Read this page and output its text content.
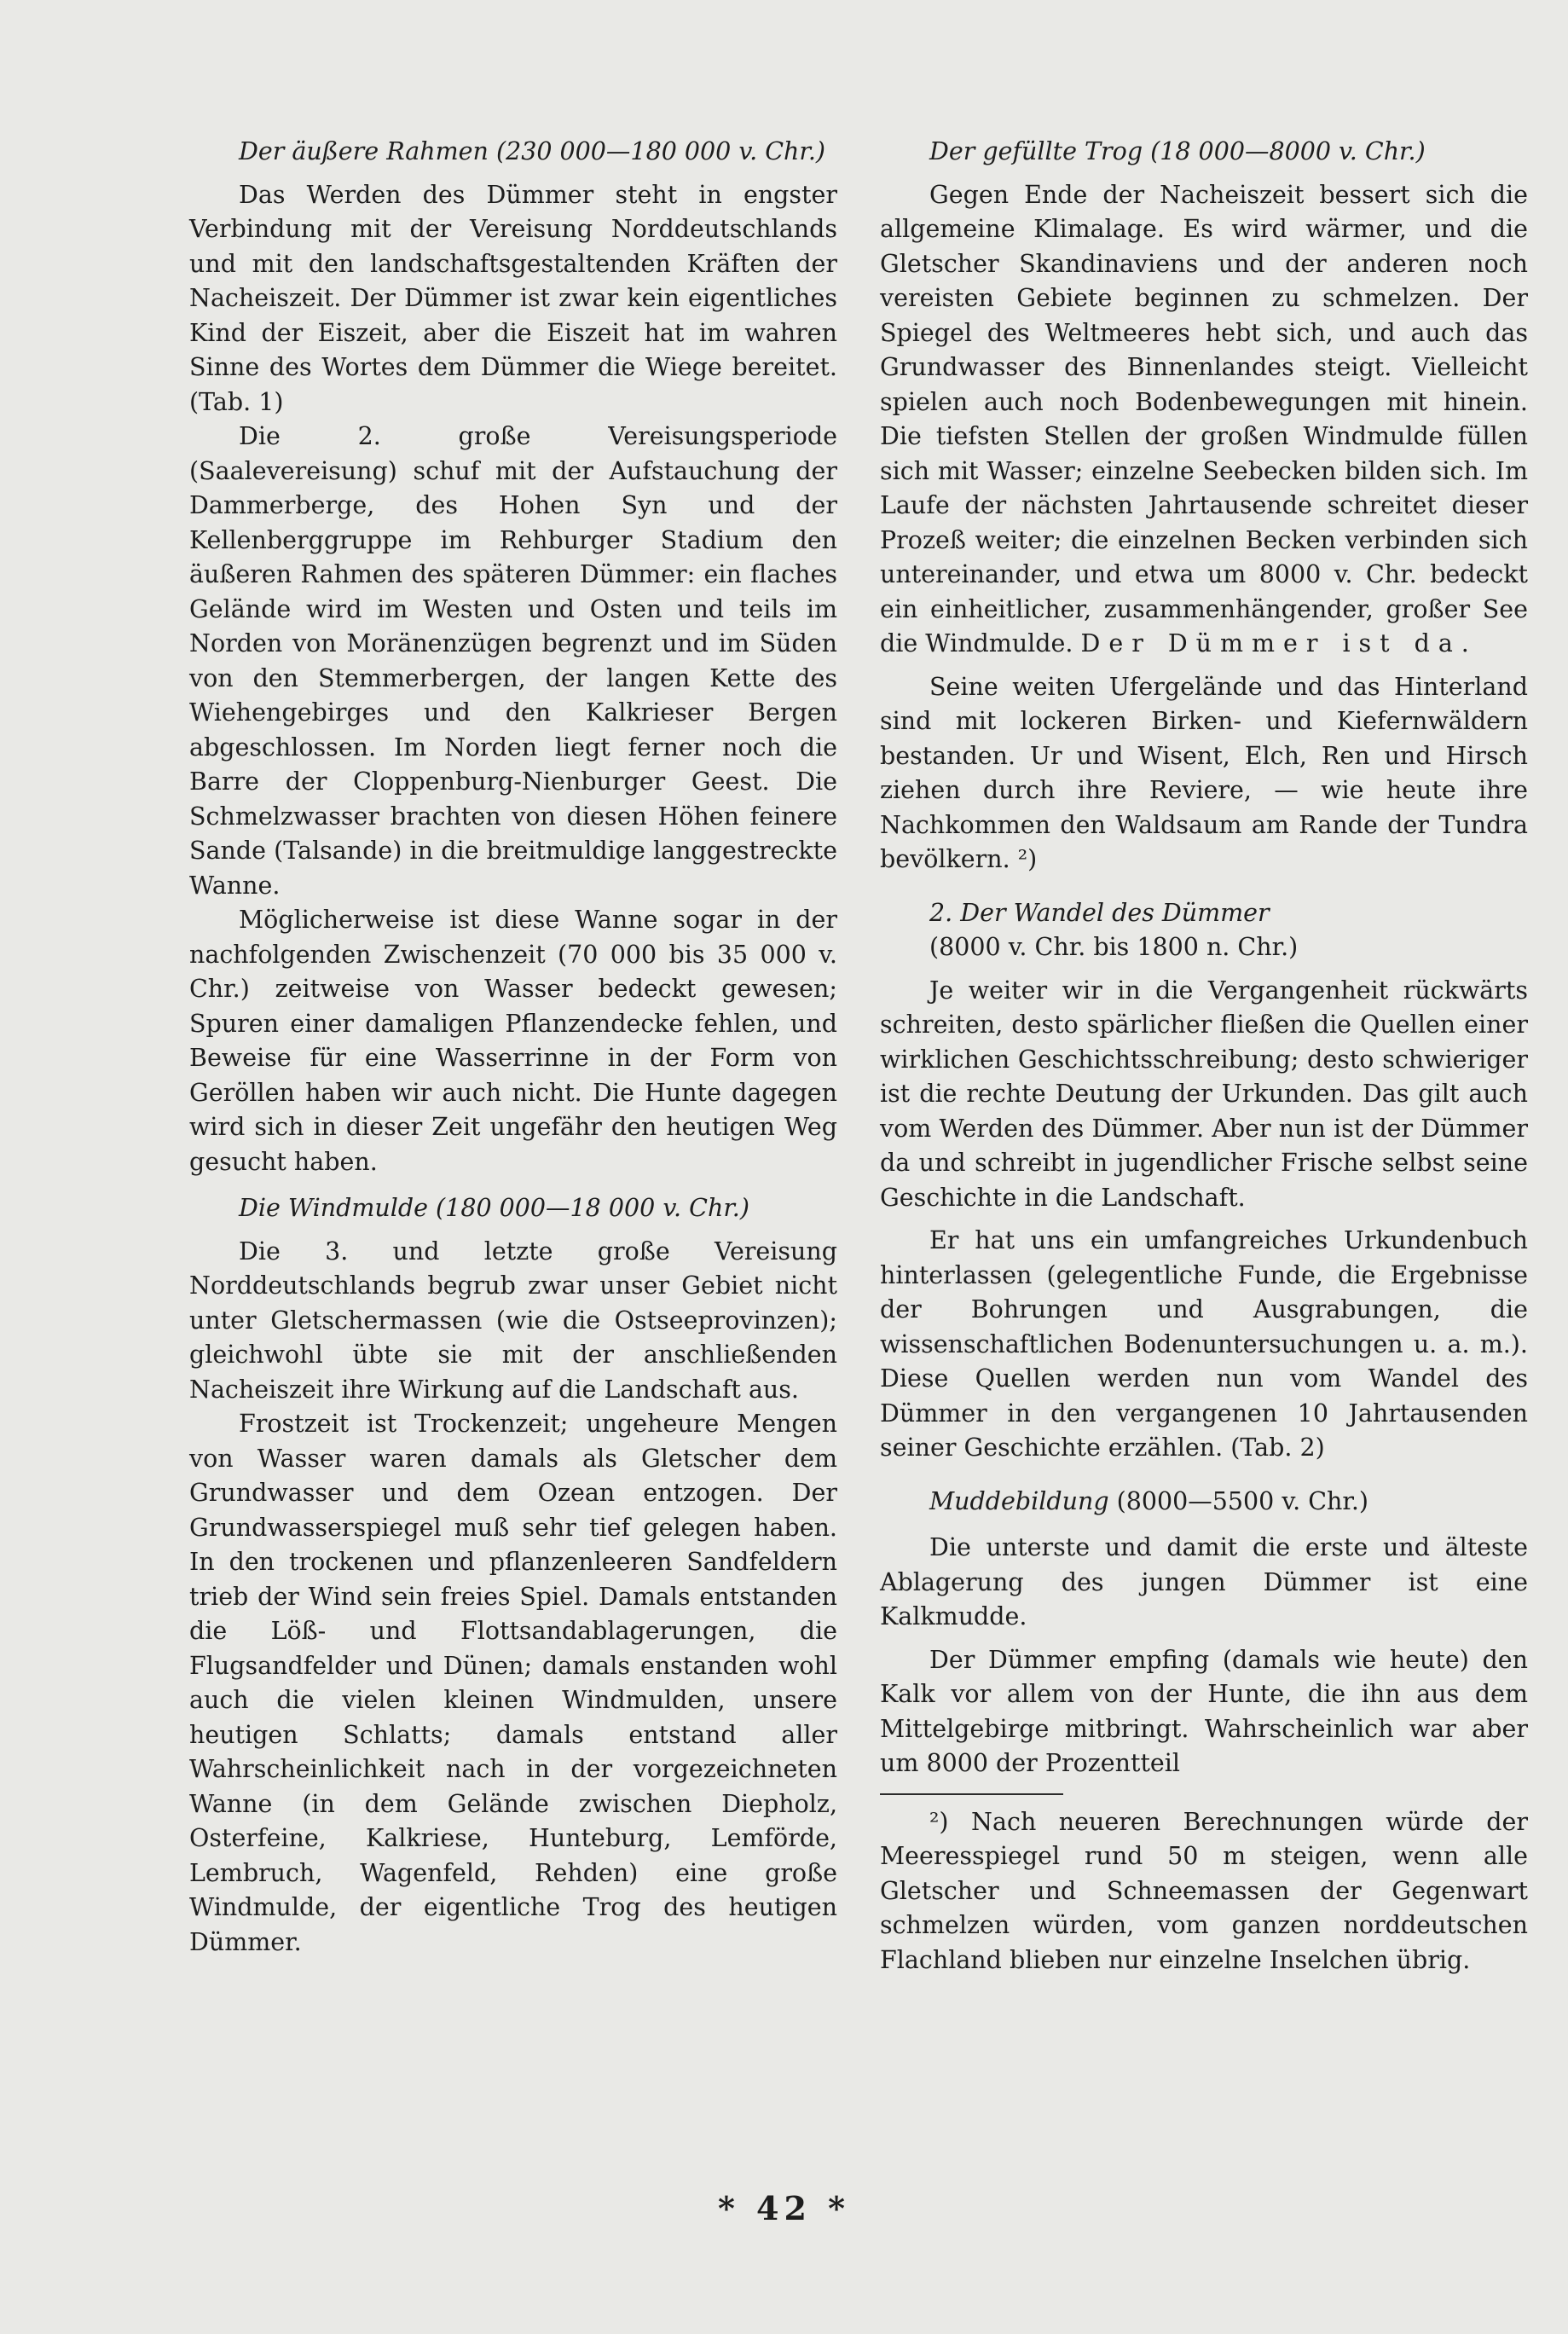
Der äußere Rahmen (230 000—180 000 v. Chr.)

Das Werden des Dümmer steht in engster Verbindung mit der Vereisung Norddeutschlands und mit den landschaftsgestaltenden Kräften der Nacheiszeit. Der Dümmer ist zwar kein eigentliches Kind der Eiszeit, aber die Eiszeit hat im wahren Sinne des Wortes dem Dümmer die Wiege bereitet. (Tab. 1)

Die 2. große Vereisungsperiode (Saalevereisung) schuf mit der Aufstauchung der Dammerberge, des Hohen Syn und der Kellenberggruppe im Rehburger Stadium den äußeren Rahmen des späteren Dümmer: ein flaches Gelände wird im Westen und Osten und teils im Norden von Moränenzügen begrenzt und im Süden von den Stemmerbergen, der langen Kette des Wiehengebirges und den Kalkrieser Bergen abgeschlossen. Im Norden liegt ferner noch die Barre der Cloppenburg-Nienburger Geest. Die Schmelzwasser brachten von diesen Höhen feinere Sande (Talsande) in die breitmuldige langgestreckte Wanne.

Möglicherweise ist diese Wanne sogar in der nachfolgenden Zwischenzeit (70 000 bis 35 000 v. Chr.) zeitweise von Wasser bedeckt gewesen; Spuren einer damaligen Pflanzendecke fehlen, und Beweise für eine Wasserrinne in der Form von Geröllen haben wir auch nicht. Die Hunte dagegen wird sich in dieser Zeit ungefähr den heutigen Weg gesucht haben.

Die Windmulde (180 000—18 000 v. Chr.)

Die 3. und letzte große Vereisung Norddeutschlands begrub zwar unser Gebiet nicht unter Gletschermassen (wie die Ostseeprovinzen); gleichwohl übte sie mit der anschließenden Nacheiszeit ihre Wirkung auf die Landschaft aus.

Frostzeit ist Trockenzeit; ungeheure Mengen von Wasser waren damals als Gletscher dem Grundwasser und dem Ozean entzogen. Der Grundwasserspiegel muß sehr tief gelegen haben. In den trockenen und pflanzenleeren Sandfeldern trieb der Wind sein freies Spiel. Damals entstanden die Löß- und Flottsandablagerungen, die Flugsandfelder und Dünen; damals enstanden wohl auch die vielen kleinen Windmulden, unsere heutigen Schlatts; damals entstand aller Wahrscheinlichkeit nach in der vorgezeichneten Wanne (in dem Gelände zwischen Diepholz, Osterfeine, Kalkriese, Hunteburg, Lemförde, Lembruch, Wagenfeld, Rehden) eine große Windmulde, der eigentliche Trog des heutigen Dümmer.

Der gefüllte Trog (18 000—8000 v. Chr.)

Gegen Ende der Nacheiszeit bessert sich die allgemeine Klimalage. Es wird wärmer, und die Gletscher Skandinaviens und der anderen noch vereisten Gebiete beginnen zu schmelzen. Der Spiegel des Weltmeeres hebt sich, und auch das Grundwasser des Binnenlandes steigt. Vielleicht spielen auch noch Bodenbewegungen mit hinein. Die tiefsten Stellen der großen Windmulde füllen sich mit Wasser; einzelne Seebecken bilden sich. Im Laufe der nächsten Jahrtausende schreitet dieser Prozeß weiter; die einzelnen Becken verbinden sich untereinander, und etwa um 8000 v. Chr. bedeckt ein einheitlicher, zusammenhängender, großer See die Windmulde. Der Dümmer ist da.

Seine weiten Ufergelände und das Hinterland sind mit lockeren Birken- und Kiefernwäldern bestanden. Ur und Wisent, Elch, Ren und Hirsch ziehen durch ihre Reviere, — wie heute ihre Nachkommen den Waldsaum am Rande der Tundra bevölkern. ²)

2. Der Wandel des Dümmer

(8000 v. Chr. bis 1800 n. Chr.)

Je weiter wir in die Vergangenheit rückwärts schreiten, desto spärlicher fließen die Quellen einer wirklichen Geschichtsschreibung; desto schwieriger ist die rechte Deutung der Urkunden. Das gilt auch vom Werden des Dümmer. Aber nun ist der Dümmer da und schreibt in jugendlicher Frische selbst seine Geschichte in die Landschaft.

Er hat uns ein umfangreiches Urkundenbuch hinterlassen (gelegentliche Funde, die Ergebnisse der Bohrungen und Ausgrabungen, die wissenschaftlichen Bodenuntersuchungen u. a. m.). Diese Quellen werden nun vom Wandel des Dümmer in den vergangenen 10 Jahrtausenden seiner Geschichte erzählen. (Tab. 2)

Muddebildung (8000—5500 v. Chr.)

Die unterste und damit die erste und älteste Ablagerung des jungen Dümmer ist eine Kalkmudde.

Der Dümmer empfing (damals wie heute) den Kalk vor allem von der Hunte, die ihn aus dem Mittelgebirge mitbringt. Wahrscheinlich war aber um 8000 der Prozentteil

²) Nach neueren Berechnungen würde der Meeresspiegel rund 50 m steigen, wenn alle Gletscher und Schneemassen der Gegenwart schmelzen würden, vom ganzen norddeutschen Flachland blieben nur einzelne Inselchen übrig.

* 42 *
